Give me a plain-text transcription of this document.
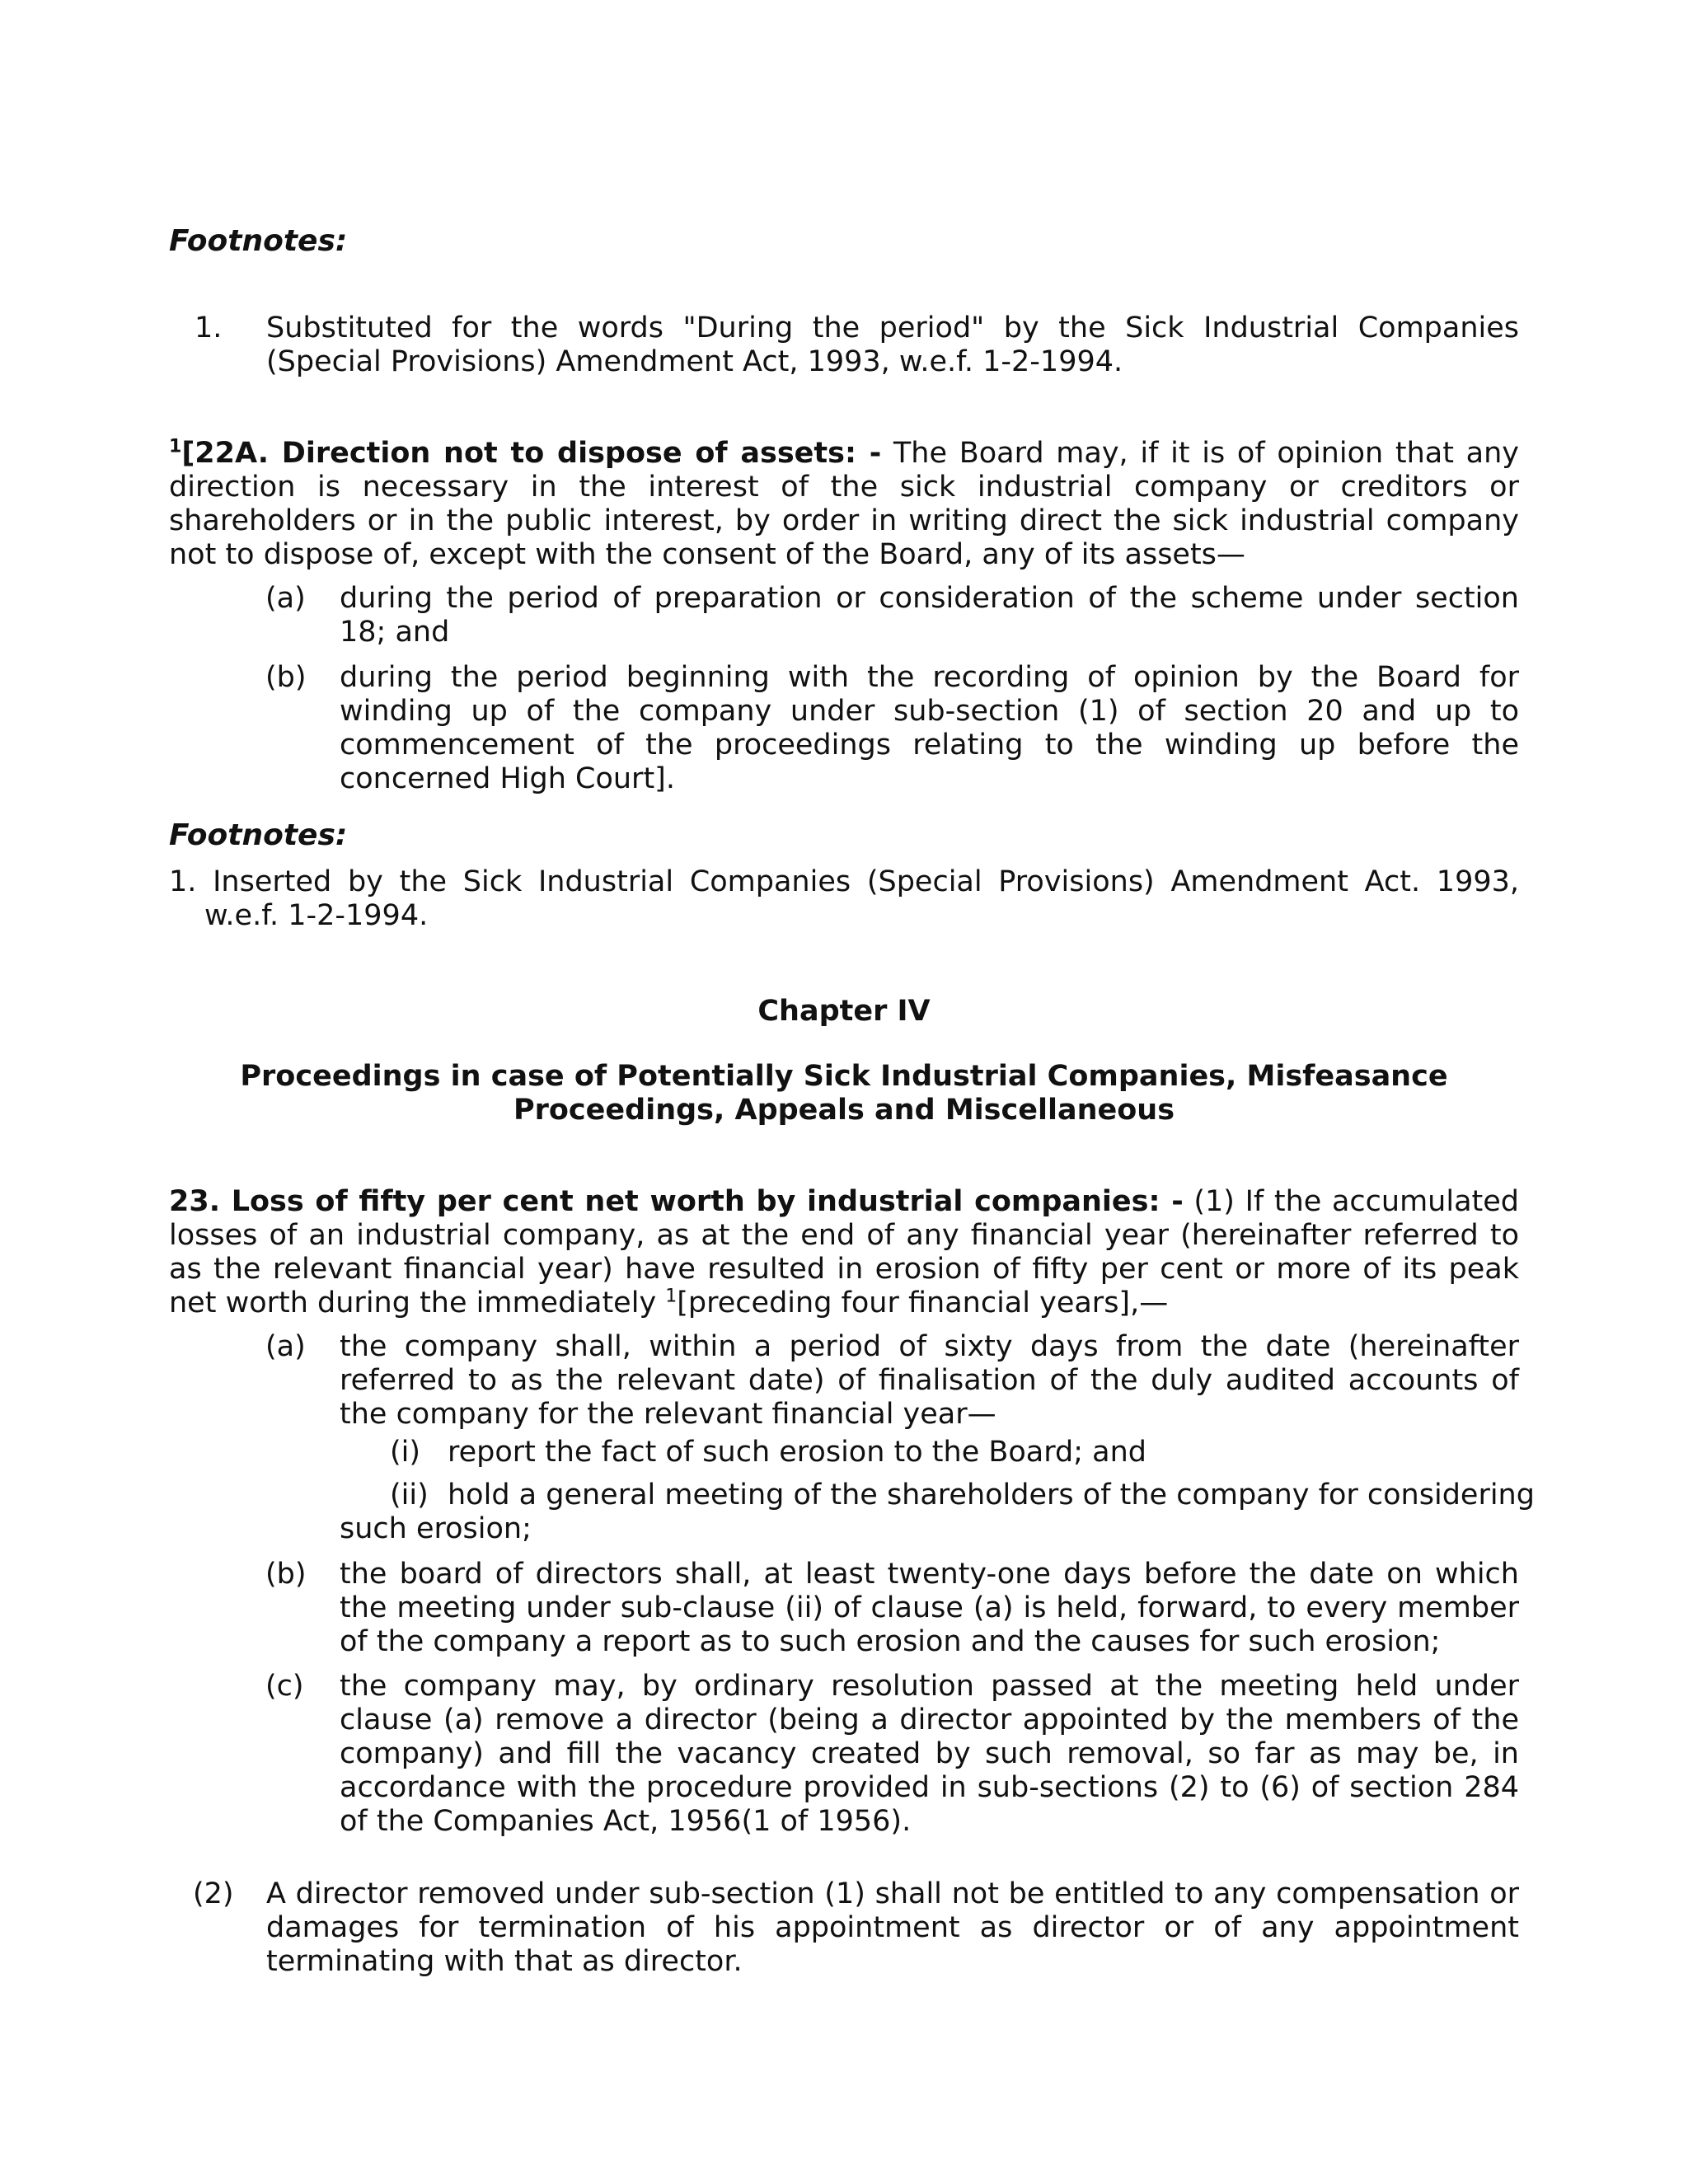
Footnotes:
1. Substituted for the words "During the period" by the Sick Industrial Companies (Special Provisions) Amendment Act, 1993, w.e.f. 1-2-1994.
$^1$[22A. Direction not to dispose of assets: - The Board may, if it is of opinion that any direction is necessary in the interest of the sick industrial company or creditors or shareholders or in the public interest, by order in writing direct the sick industrial company not to dispose of, except with the consent of the Board, any of its assets—
(a) during the period of preparation or consideration of the scheme under section 18; and
(b) during the period beginning with the recording of opinion by the Board for winding up of the company under sub-section (1) of section 20 and up to commencement of the proceedings relating to the winding up before the concerned High Court].
Footnotes:
1. Inserted by the Sick Industrial Companies (Special Provisions) Amendment Act. 1993, w.e.f. 1-2-1994.
Chapter IV
Proceedings in case of Potentially Sick Industrial Companies, Misfeasance Proceedings, Appeals and Miscellaneous
23. Loss of fifty per cent net worth by industrial companies: - (1) If the accumulated losses of an industrial company, as at the end of any financial year (hereinafter referred to as the relevant financial year) have resulted in erosion of fifty per cent or more of its peak net worth during the immediately $^1$[preceding four financial years],—
(a) the company shall, within a period of sixty days from the date (hereinafter referred to as the relevant date) of finalisation of the duly audited accounts of the company for the relevant financial year—
(i) report the fact of such erosion to the Board; and
(ii) hold a general meeting of the shareholders of the company for considering
such erosion;
(b) the board of directors shall, at least twenty-one days before the date on which the meeting under sub-clause (ii) of clause (a) is held, forward, to every member of the company a report as to such erosion and the causes for such erosion;
(c) the company may, by ordinary resolution passed at the meeting held under clause (a) remove a director (being a director appointed by the members of the company) and fill the vacancy created by such removal, so far as may be, in accordance with the procedure provided in sub-sections (2) to (6) of section 284 of the Companies Act, 1956(1 of 1956).
(2) A director removed under sub-section (1) shall not be entitled to any compensation or damages for termination of his appointment as director or of any appointment terminating with that as director.
